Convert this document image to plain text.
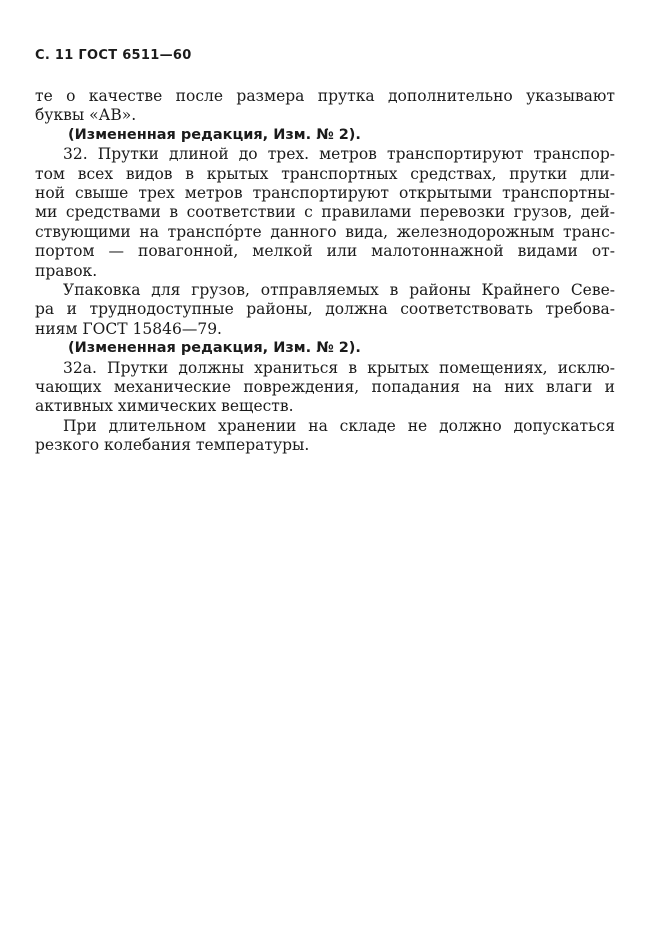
С. 11 ГОСТ 6511—60
те о качестве после размера прутка дополнительно указывают
буквы «АВ».
(Измененная редакция, Изм. № 2).
32. Прутки длиной до трех. метров транспортируют транспор-
том всех видов в крытых транспортных средствах, прутки дли-
ной свыше трех метров транспортируют открытыми транспортны-
ми средствами в соответствии с правилами перевозки грузов, дей-
ствующими на транспо́рте данного вида, железнодорожным транс-
портом — повагонной, мелкой или малотоннажной видами от-
правок.
Упаковка для грузов, отправляемых в районы Крайнего Севе-
ра и труднодоступные районы, должна соответствовать требова-
ниям ГОСТ 15846—79.
(Измененная редакция, Изм. № 2).
32а. Прутки должны храниться в крытых помещениях, исклю-
чающих механические повреждения, попадания на них влаги и
активных химических веществ.
При длительном хранении на складе не должно допускаться
резкого колебания температуры.
